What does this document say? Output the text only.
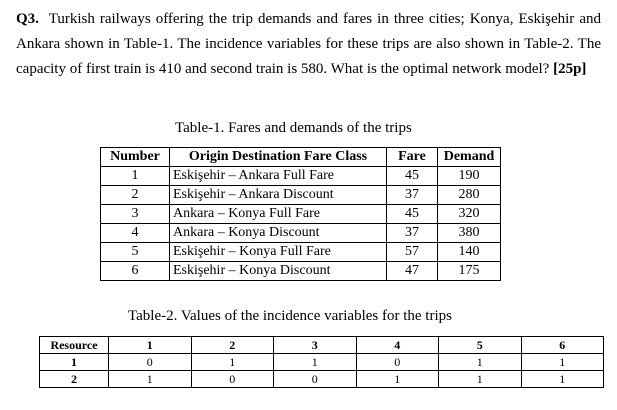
Q3. Turkish railways offering the trip demands and fares in three cities; Konya, Eskişehir and Ankara shown in Table-1. The incidence variables for these trips are also shown in Table-2. The capacity of first train is 410 and second train is 580. What is the optimal network model? [25p]
Table-1. Fares and demands of the trips
Number	Origin Destination Fare Class	Fare	Demand
1	Eskişehir – Ankara Full Fare	45	190
2	Eskişehir – Ankara Discount	37	280
3	Ankara – Konya Full Fare	45	320
4	Ankara – Konya Discount	37	380
5	Eskişehir – Konya Full Fare	57	140
6	Eskişehir – Konya Discount	47	175
Table-2. Values of the incidence variables for the trips
Resource	1	2	3	4	5	6
1	0	1	1	0	1	1
2	1	0	0	1	1	1
